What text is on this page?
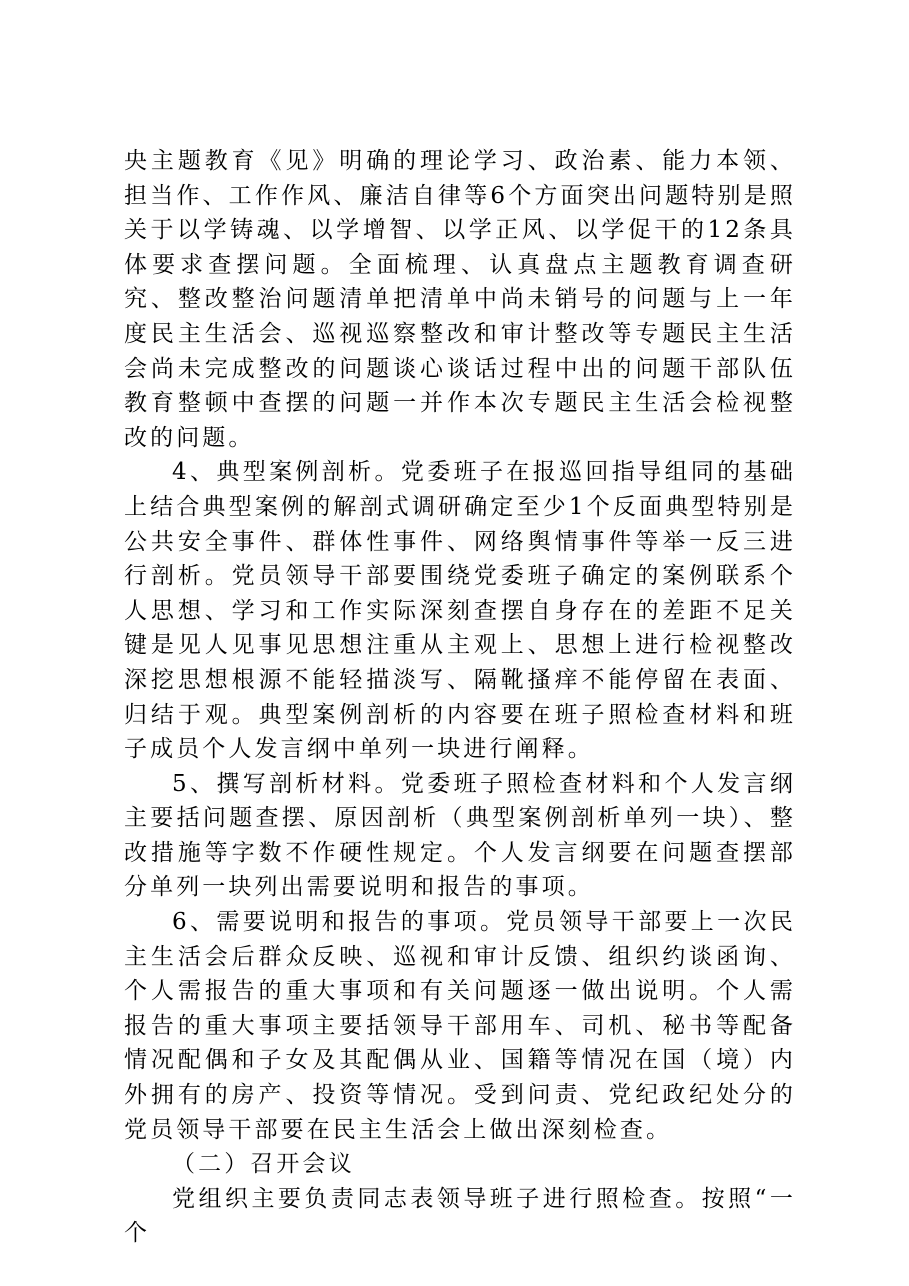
央主题教育《见》明确的理论学习、政治素、能力本领、担当作、工作作风、廉洁自律等6个方面突出问题特别是照关于以学铸魂、以学增智、以学正风、以学促干的12条具体要求查摆问题。全面梳理、认真盘点主题教育调查研究、整改整治问题清单把清单中尚未销号的问题与上一年度民主生活会、巡视巡察整改和审计整改等专题民主生活会尚未完成整改的问题谈心谈话过程中出的问题干部队伍教育整顿中查摆的问题一并作本次专题民主生活会检视整改的问题。

4、典型案例剖析。党委班子在报巡回指导组同的基础上结合典型案例的解剖式调研确定至少1个反面典型特别是公共安全事件、群体性事件、网络舆情事件等举一反三进行剖析。党员领导干部要围绕党委班子确定的案例联系个人思想、学习和工作实际深刻查摆自身存在的差距不足关键是见人见事见思想注重从主观上、思想上进行检视整改深挖思想根源不能轻描淡写、隔靴搔痒不能停留在表面、归结于观。典型案例剖析的内容要在班子照检查材料和班子成员个人发言纲中单列一块进行阐释。

5、撰写剖析材料。党委班子照检查材料和个人发言纲主要括问题查摆、原因剖析（典型案例剖析单列一块）、整改措施等字数不作硬性规定。个人发言纲要在问题查摆部分单列一块列出需要说明和报告的事项。

6、需要说明和报告的事项。党员领导干部要上一次民主生活会后群众反映、巡视和审计反馈、组织约谈函询、个人需报告的重大事项和有关问题逐一做出说明。个人需报告的重大事项主要括领导干部用车、司机、秘书等配备情况配偶和子女及其配偶从业、国籍等情况在国（境）内外拥有的房产、投资等情况。受到问责、党纪政纪处分的党员领导干部要在民主生活会上做出深刻检查。

（二）召开会议

党组织主要负责同志表领导班子进行照检查。按照“一个
